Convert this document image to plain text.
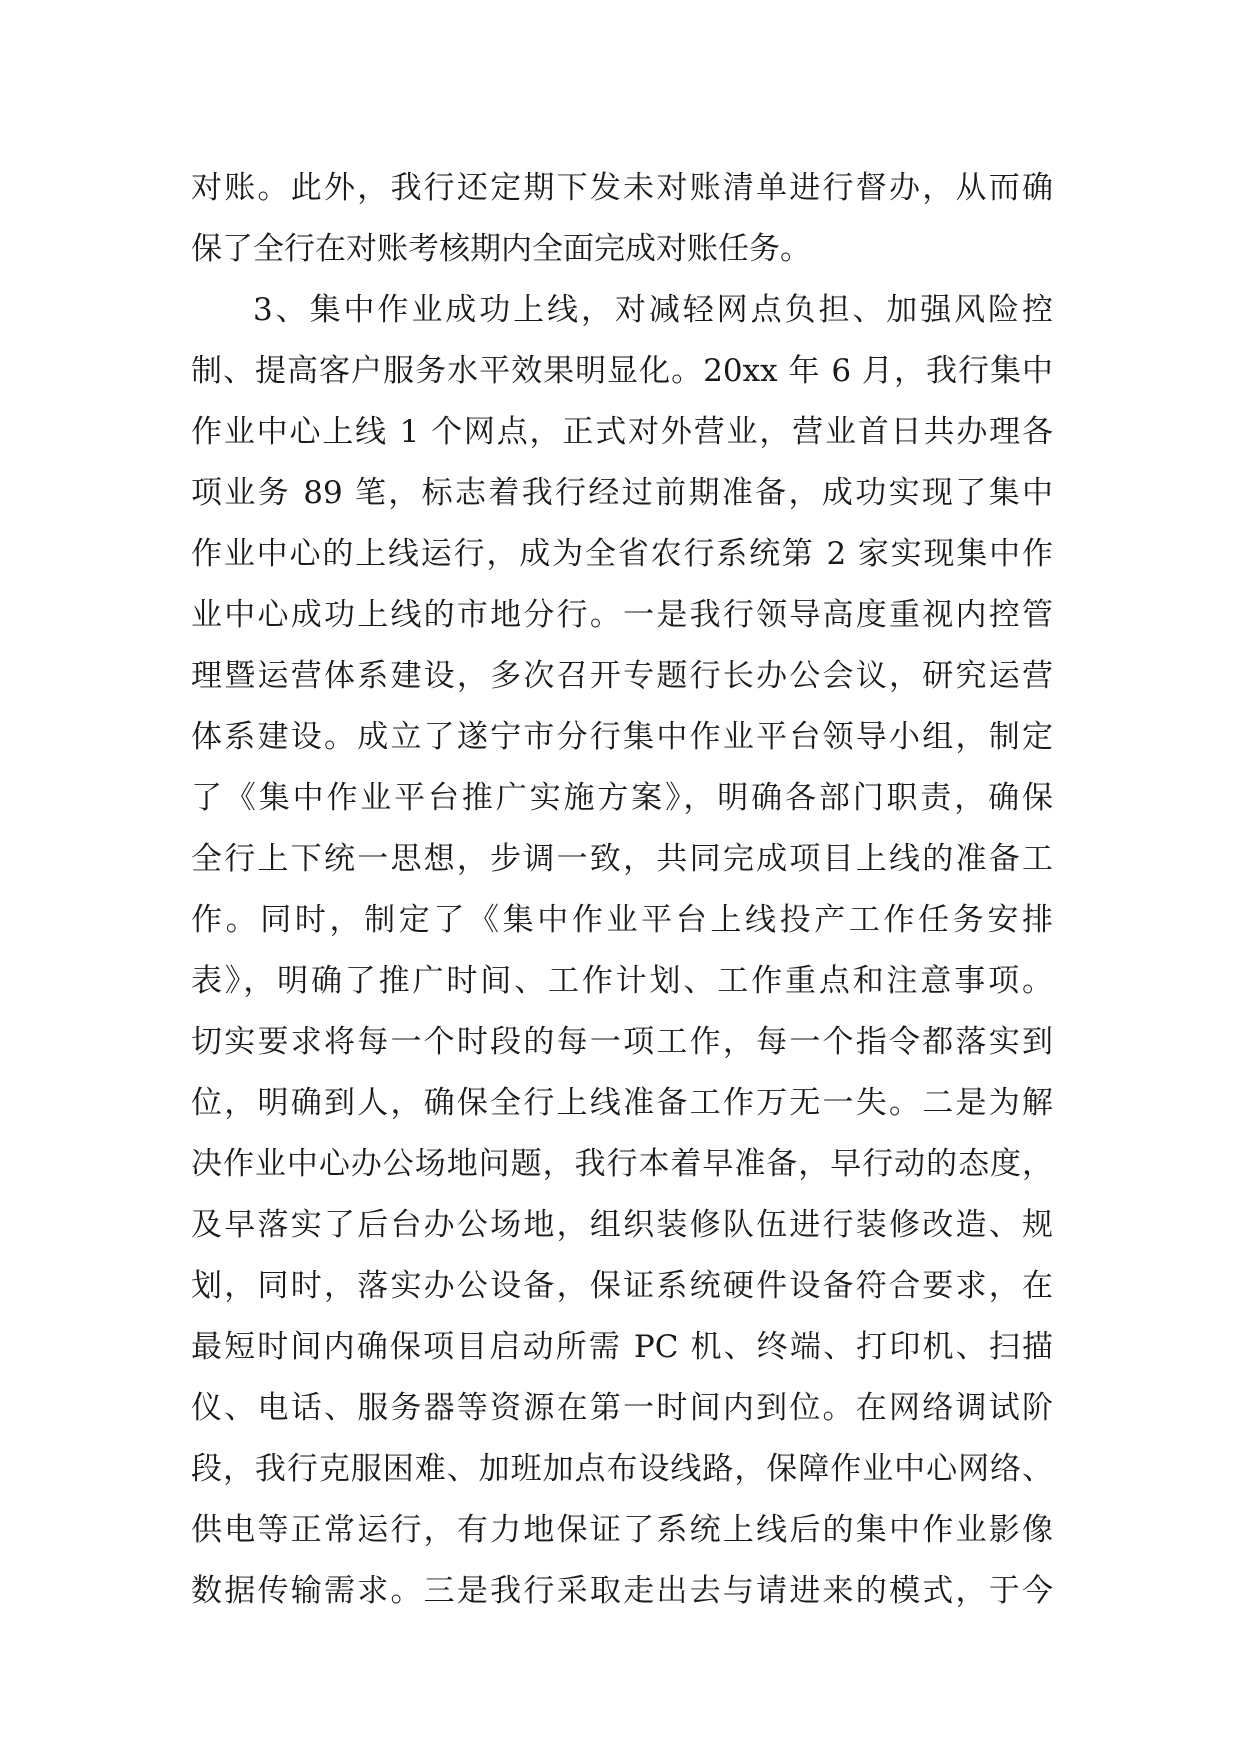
对账。此外，我行还定期下发未对账清单进行督办，从而确
保了全行在对账考核期内全面完成对账任务。
3、集中作业成功上线，对减轻网点负担、加强风险控
制、提高客户服务水平效果明显化。20xx 年 6 月，我行集中
作业中心上线 1 个网点，正式对外营业，营业首日共办理各
项业务 89 笔，标志着我行经过前期准备，成功实现了集中
作业中心的上线运行，成为全省农行系统第 2 家实现集中作
业中心成功上线的市地分行。一是我行领导高度重视内控管
理暨运营体系建设，多次召开专题行长办公会议，研究运营
体系建设。成立了遂宁市分行集中作业平台领导小组，制定
了《集中作业平台推广实施方案》，明确各部门职责，确保
全行上下统一思想，步调一致，共同完成项目上线的准备工
作。同时，制定了《集中作业平台上线投产工作任务安排
表》，明确了推广时间、工作计划、工作重点和注意事项。
切实要求将每一个时段的每一项工作，每一个指令都落实到
位，明确到人，确保全行上线准备工作万无一失。二是为解
决作业中心办公场地问题，我行本着早准备，早行动的态度，
及早落实了后台办公场地，组织装修队伍进行装修改造、规
划，同时，落实办公设备，保证系统硬件设备符合要求，在
最短时间内确保项目启动所需 PC 机、终端、打印机、扫描
仪、电话、服务器等资源在第一时间内到位。在网络调试阶
段，我行克服困难、加班加点布设线路，保障作业中心网络、
供电等正常运行，有力地保证了系统上线后的集中作业影像
数据传输需求。三是我行采取走出去与请进来的模式，于今
